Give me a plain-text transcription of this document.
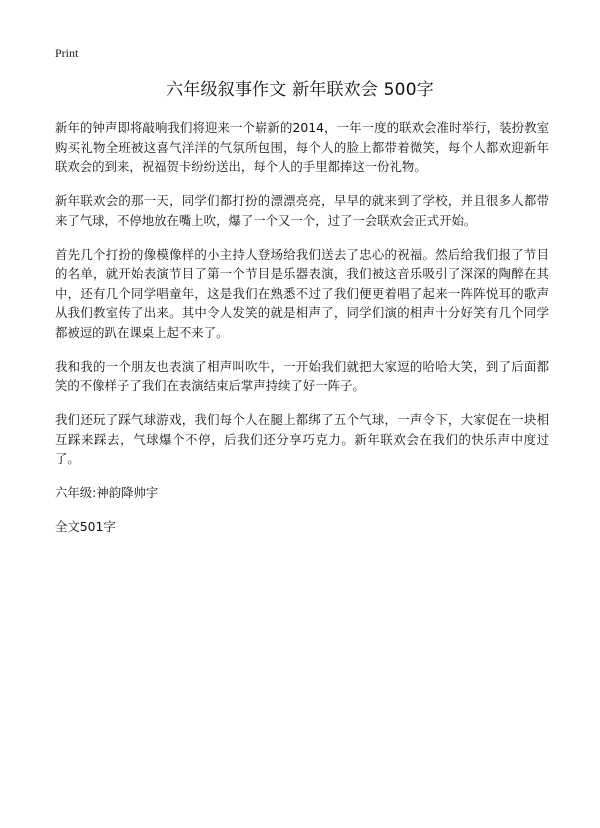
Print
六年级叙事作文 新年联欢会 500字

新年的钟声即将敲响我们将迎来一个崭新的2014，一年一度的联欢会准时举行，装扮教室购买礼物全班被这喜气洋洋的气氛所包围，每个人的脸上都带着微笑，每个人都欢迎新年联欢会的到来，祝福贺卡纷纷送出，每个人的手里都捧这一份礼物。

新年联欢会的那一天，同学们都打扮的漂漂亮亮，早早的就来到了学校，并且很多人都带来了气球，不停地放在嘴上吹，爆了一个又一个，过了一会联欢会正式开始。

首先几个打扮的像模像样的小主持人登场给我们送去了忠心的祝福。然后给我们报了节目的名单，就开始表演节目了第一个节目是乐器表演，我们被这音乐吸引了深深的陶醉在其中，还有几个同学唱童年，这是我们在熟悉不过了我们便更着唱了起来一阵阵悦耳的歌声从我们教室传了出来。其中令人发笑的就是相声了，同学们演的相声十分好笑有几个同学都被逗的趴在课桌上起不来了。

我和我的一个朋友也表演了相声叫吹牛，一开始我们就把大家逗的哈哈大笑，到了后面都笑的不像样子了我们在表演结束后掌声持续了好一阵子。

我们还玩了踩气球游戏，我们每个人在腿上都绑了五个气球，一声令下，大家促在一块相互踩来踩去，气球爆个不停，后我们还分享巧克力。新年联欢会在我们的快乐声中度过了。

六年级:神韵降帅宇

全文501字
